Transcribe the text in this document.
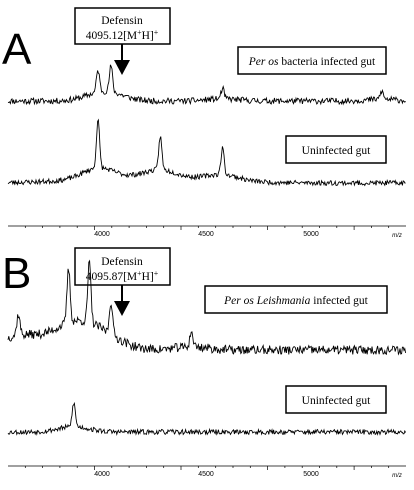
A
Defensin
4095.12[M+H]+
Per os bacteria infected gut
Uninfected gut
4000	4500	5000	m/z
B	Defensin
4095.87[M+H]+
Per os Leishmania infected gut
Uninfected gut
4000	4500	5000	m/z
